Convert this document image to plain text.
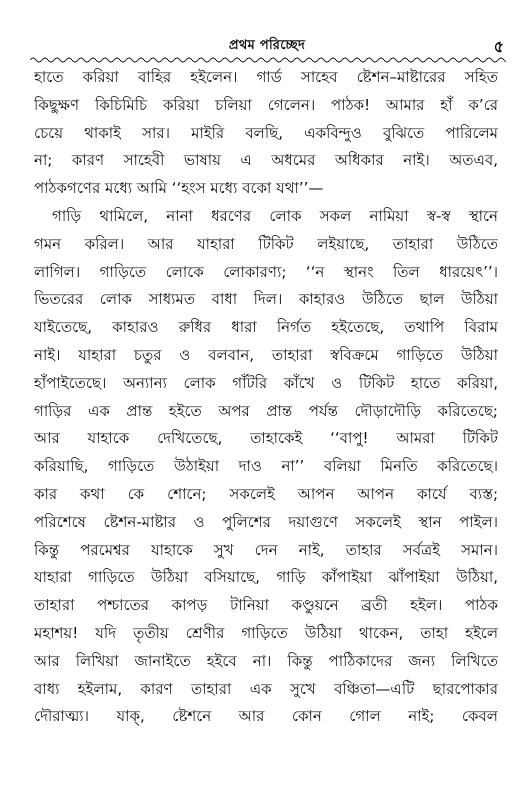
প্রথম পরিচ্ছেদ	৫
হাতে করিয়া বাহির হইলেন। গার্ড সাহেব ষ্টেশন–মাষ্টারের সহিত
কিছুক্ষণ কিচিমিচি করিয়া চলিয়া গেলেন। পাঠক! আমার হাঁ ক’রে
চেয়ে থাকাই সার। মাইরি বলছি, একবিন্দুও বুঝিতে পারিলেম
না; কারণ সাহেবী ভাষায় এ অধমের অধিকার নাই। অতএব,
পাঠকগণের মধ্যে আমি ‘‘হংস মধ্যে বকো যথা’’—
গাড়ি থামিলে, নানা ধরণের লোক সকল নামিয়া স্ব-স্ব স্থানে
গমন করিল। আর যাহারা টিকিট লইয়াছে, তাহারা উঠিতে
লাগিল। গাড়িতে লোকে লোকারণ্য; ‘‘ন স্থানং তিল ধারয়েৎ’’।
ভিতরের লোক সাধ্যমত বাধা দিল। কাহারও উঠিতে ছাল উঠিয়া
যাইতেছে, কাহারও রুধির ধারা নির্গত হইতেছে, তথাপি বিরাম
নাই। যাহারা চতুর ও বলবান, তাহারা স্ববিক্রমে গাড়িতে উঠিয়া
হাঁপাইতেছে। অন্যান্য লোক গাঁটরি কাঁখে ও টিকিট হাতে করিয়া,
গাড়ির এক প্রান্ত হইতে অপর প্রান্ত পর্যন্ত দৌড়াদৌড়ি করিতেছে;
আর যাহাকে দেখিতেছে, তাহাকেই ‘‘বাপু! আমরা টিকিট
করিয়াছি, গাড়িতে উঠাইয়া দাও না’’ বলিয়া মিনতি করিতেছে।
কার কথা কে শোনে; সকলেই আপন আপন কার্যে ব্যস্ত;
পরিশেষে ষ্টেশন-মাষ্টার ও পুলিশের দয়াগুণে সকলেই স্থান পাইল।
কিন্তু পরমেশ্বর যাহাকে সুখ দেন নাই, তাহার সর্বত্রই সমান।
যাহারা গাড়িতে উঠিয়া বসিয়াছে, গাড়ি কাঁপাইয়া ঝাঁপাইয়া উঠিয়া,
তাহারা পশ্চাতের কাপড় টানিয়া কণ্ডুয়নে ব্রতী হইল। পাঠক
মহাশয়! যদি তৃতীয় শ্রেণীর গাড়িতে উঠিয়া থাকেন, তাহা হইলে
আর লিখিয়া জানাইতে হইবে না। কিন্তু পাঠিকাদের জন্য লিখিতে
বাধ্য হইলাম, কারণ তাহারা এক সুখে বঞ্চিতা—এটি ছারপোকার
দৌরাত্ম্য। যাক্, ষ্টেশনে আর কোন গোল নাই; কেবল
